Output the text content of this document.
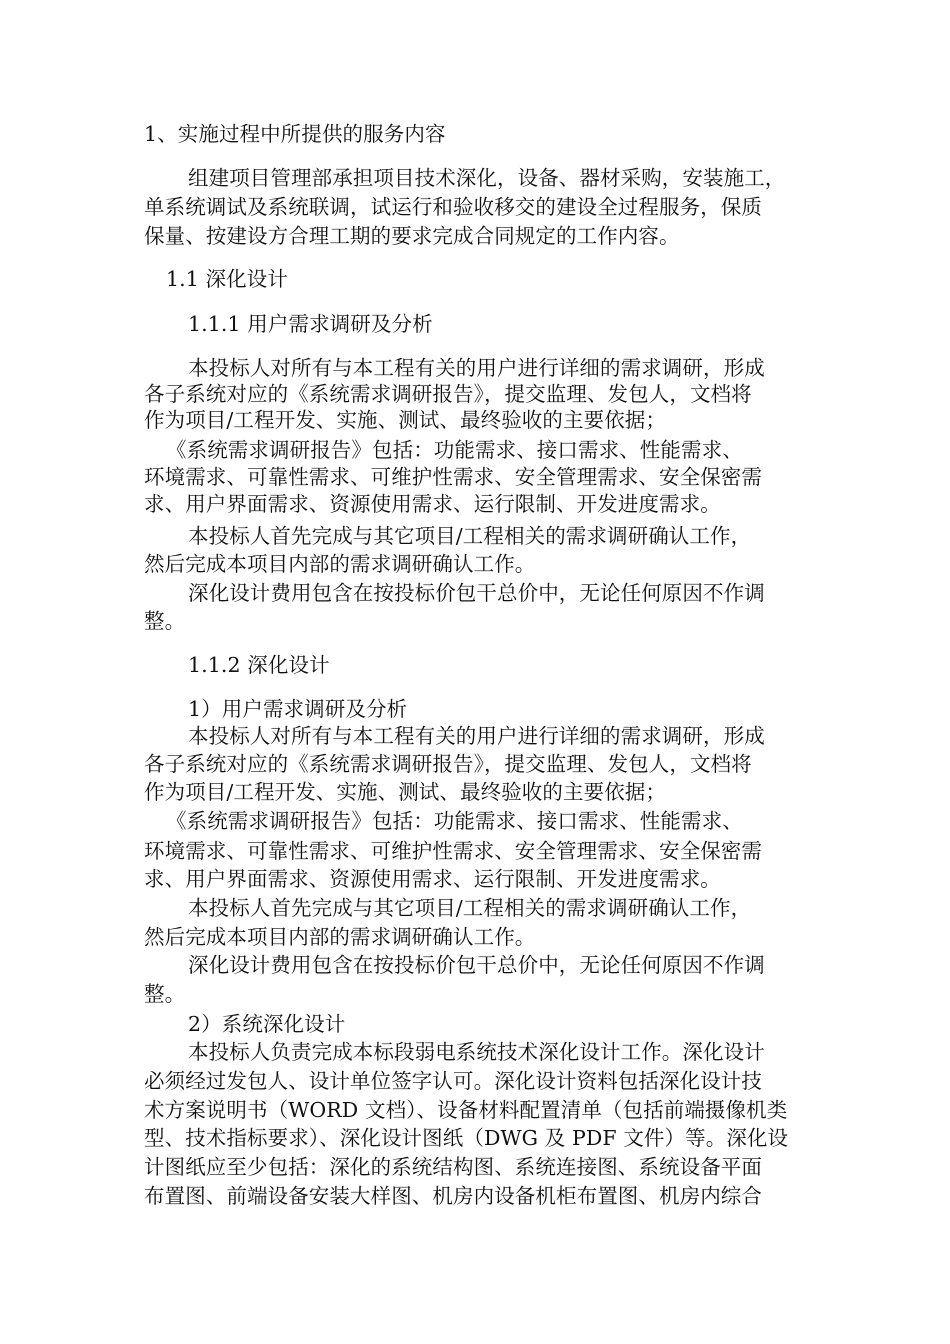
1、实施过程中所提供的服务内容
组建项目管理部承担项目技术深化，设备、器材采购，安装施工，
单系统调试及系统联调，试运行和验收移交的建设全过程服务，保质
保量、按建设方合理工期的要求完成合同规定的工作内容。
1.1 深化设计
1.1.1 用户需求调研及分析
本投标人对所有与本工程有关的用户进行详细的需求调研，形成
各子系统对应的《系统需求调研报告》，提交监理、发包人，文档将
作为项目/工程开发、实施、测试、最终验收的主要依据；
《系统需求调研报告》包括：功能需求、接口需求、性能需求、
环境需求、可靠性需求、可维护性需求、安全管理需求、安全保密需
求、用户界面需求、资源使用需求、运行限制、开发进度需求。
本投标人首先完成与其它项目/工程相关的需求调研确认工作，
然后完成本项目内部的需求调研确认工作。
深化设计费用包含在按投标价包干总价中，无论任何原因不作调
整。
1.1.2 深化设计
1）用户需求调研及分析
本投标人对所有与本工程有关的用户进行详细的需求调研，形成
各子系统对应的《系统需求调研报告》，提交监理、发包人，文档将
作为项目/工程开发、实施、测试、最终验收的主要依据；
《系统需求调研报告》包括：功能需求、接口需求、性能需求、
环境需求、可靠性需求、可维护性需求、安全管理需求、安全保密需
求、用户界面需求、资源使用需求、运行限制、开发进度需求。
本投标人首先完成与其它项目/工程相关的需求调研确认工作，
然后完成本项目内部的需求调研确认工作。
深化设计费用包含在按投标价包干总价中，无论任何原因不作调
整。
2）系统深化设计
本投标人负责完成本标段弱电系统技术深化设计工作。深化设计
必须经过发包人、设计单位签字认可。深化设计资料包括深化设计技
术方案说明书（WORD 文档）、设备材料配置清单（包括前端摄像机类
型、技术指标要求）、深化设计图纸（DWG 及 PDF 文件）等。深化设
计图纸应至少包括：深化的系统结构图、系统连接图、系统设备平面
布置图、前端设备安装大样图、机房内设备机柜布置图、机房内综合
